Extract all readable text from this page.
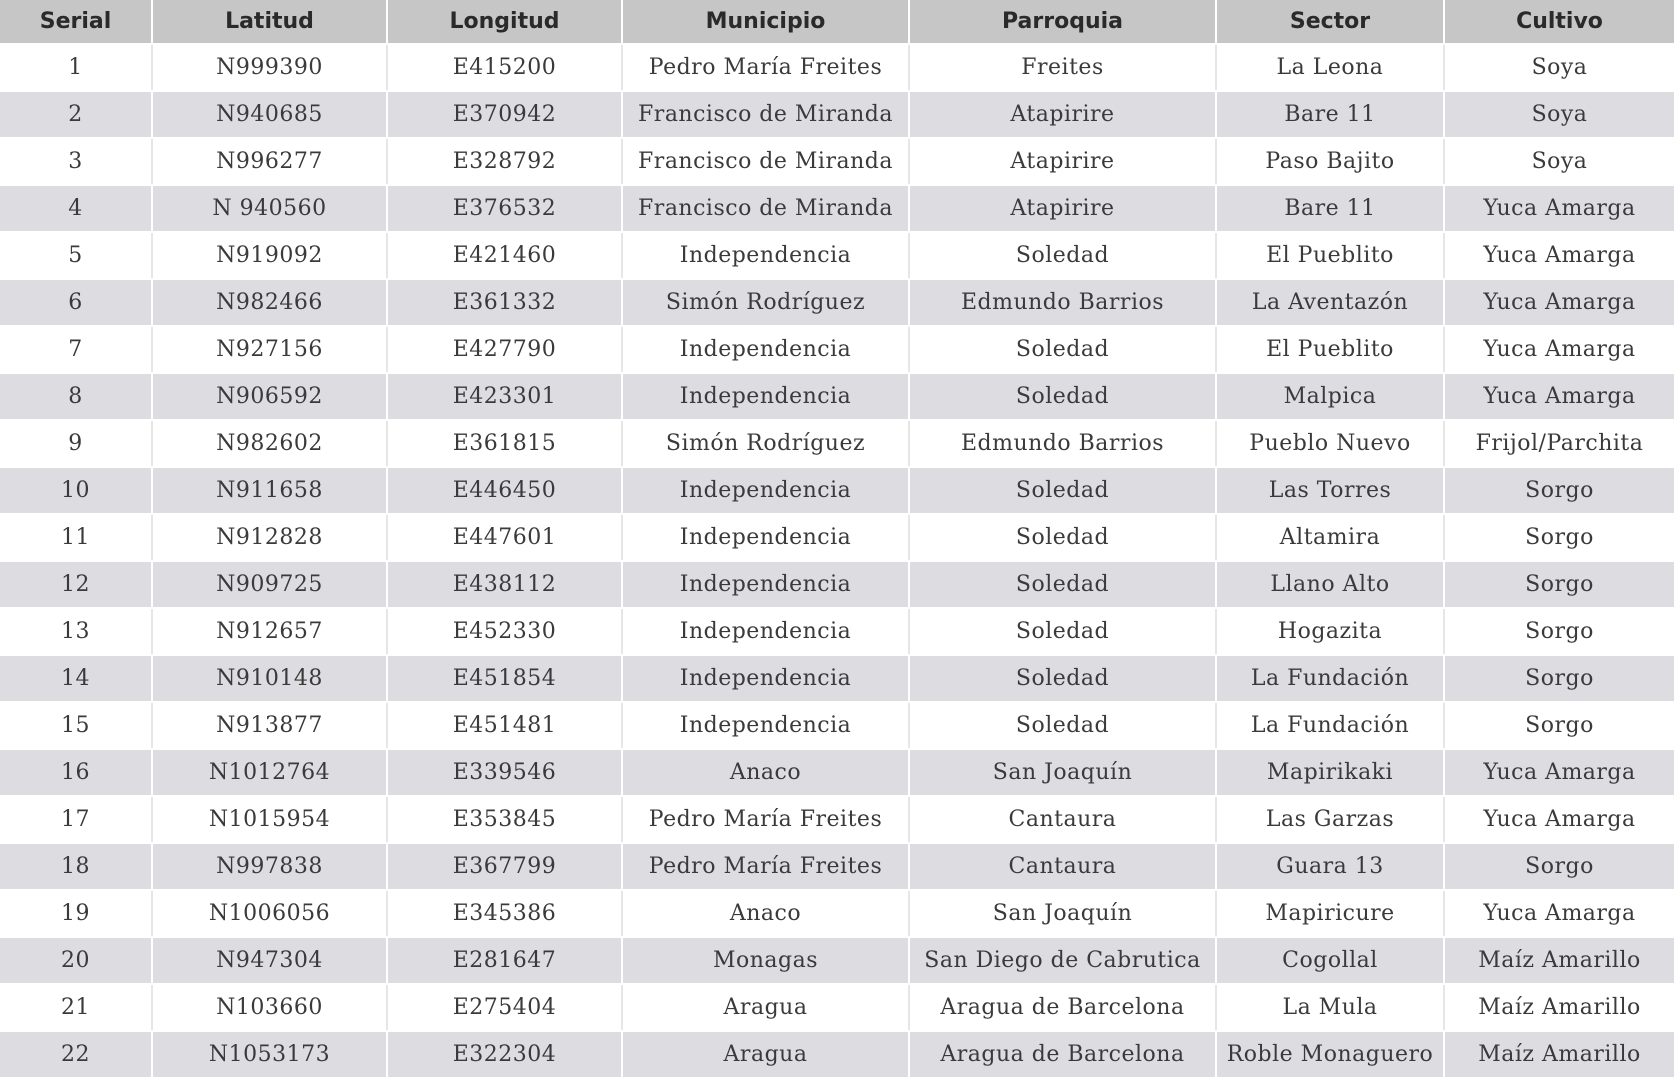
Serial	Latitud	Longitud	Municipio	Parroquia	Sector	Cultivo
1	N999390	E415200	Pedro María Freites	Freites	La Leona	Soya
2	N940685	E370942	Francisco de Miranda	Atapirire	Bare 11	Soya
3	N996277	E328792	Francisco de Miranda	Atapirire	Paso Bajito	Soya
4	N 940560	E376532	Francisco de Miranda	Atapirire	Bare 11	Yuca Amarga
5	N919092	E421460	Independencia	Soledad	El Pueblito	Yuca Amarga
6	N982466	E361332	Simón Rodríguez	Edmundo Barrios	La Aventazón	Yuca Amarga
7	N927156	E427790	Independencia	Soledad	El Pueblito	Yuca Amarga
8	N906592	E423301	Independencia	Soledad	Malpica	Yuca Amarga
9	N982602	E361815	Simón Rodríguez	Edmundo Barrios	Pueblo Nuevo	Frijol/Parchita
10	N911658	E446450	Independencia	Soledad	Las Torres	Sorgo
11	N912828	E447601	Independencia	Soledad	Altamira	Sorgo
12	N909725	E438112	Independencia	Soledad	Llano Alto	Sorgo
13	N912657	E452330	Independencia	Soledad	Hogazita	Sorgo
14	N910148	E451854	Independencia	Soledad	La Fundación	Sorgo
15	N913877	E451481	Independencia	Soledad	La Fundación	Sorgo
16	N1012764	E339546	Anaco	San Joaquín	Mapirikaki	Yuca Amarga
17	N1015954	E353845	Pedro María Freites	Cantaura	Las Garzas	Yuca Amarga
18	N997838	E367799	Pedro María Freites	Cantaura	Guara 13	Sorgo
19	N1006056	E345386	Anaco	San Joaquín	Mapiricure	Yuca Amarga
20	N947304	E281647	Monagas	San Diego de Cabrutica	Cogollal	Maíz Amarillo
21	N103660	E275404	Aragua	Aragua de Barcelona	La Mula	Maíz Amarillo
22	N1053173	E322304	Aragua	Aragua de Barcelona	Roble Monaguero	Maíz Amarillo
